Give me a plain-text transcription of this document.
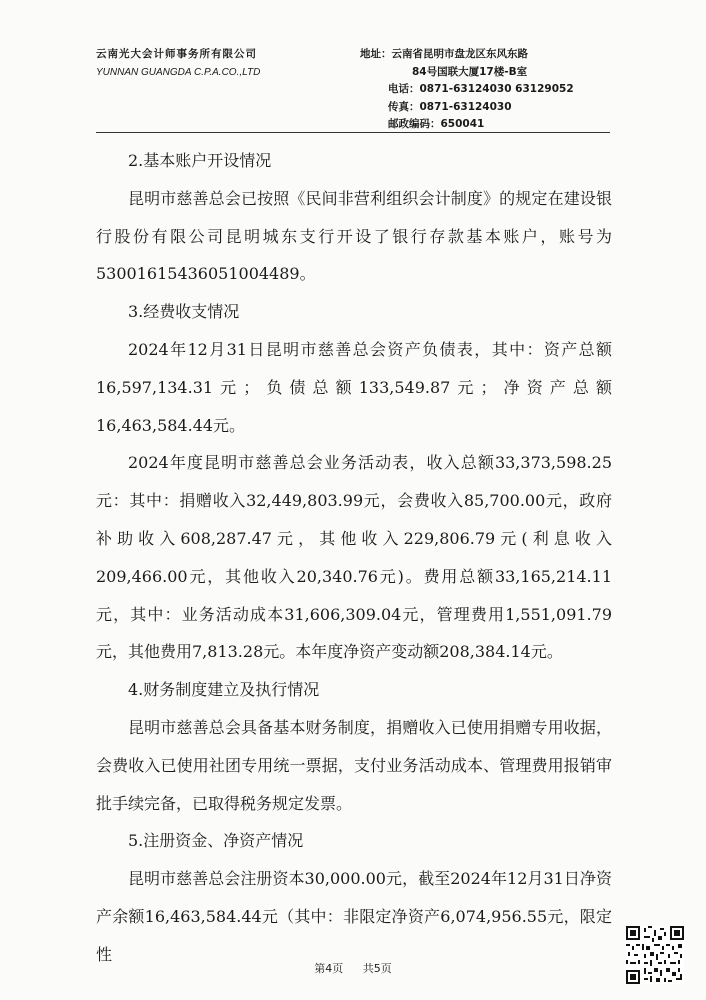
云南光大会计师事务所有限公司
YUNNAN GUANGDA C.P.A.CO.,LTD
地址：云南省昆明市盘龙区东风东路
84号国联大厦17楼-B室
电话：0871-63124030 63129052
传真：0871-63124030
邮政编码：650041

2.基本账户开设情况

昆明市慈善总会已按照《民间非营利组织会计制度》的规定在建设银行股份有限公司昆明城东支行开设了银行存款基本账户，账号为53001615436051004489。

3.经费收支情况

2024年12月31日昆明市慈善总会资产负债表，其中：资产总额16,597,134.31元；负债总额133,549.87元；净资产总额16,463,584.44元。

2024年度昆明市慈善总会业务活动表，收入总额33,373,598.25元：其中：捐赠收入32,449,803.99元，会费收入85,700.00元，政府补助收入608,287.47元，其他收入229,806.79元(利息收入209,466.00元，其他收入20,340.76元)。费用总额33,165,214.11元，其中：业务活动成本31,606,309.04元，管理费用1,551,091.79元，其他费用7,813.28元。本年度净资产变动额208,384.14元。

4.财务制度建立及执行情况

昆明市慈善总会具备基本财务制度，捐赠收入已使用捐赠专用收据，会费收入已使用社团专用统一票据，支付业务活动成本、管理费用报销审批手续完备，已取得税务规定发票。

5.注册资金、净资产情况

昆明市慈善总会注册资本30,000.00元，截至2024年12月31日净资产余额16,463,584.44元（其中：非限定净资产6,074,956.55元，限定性

第4页 共5页
